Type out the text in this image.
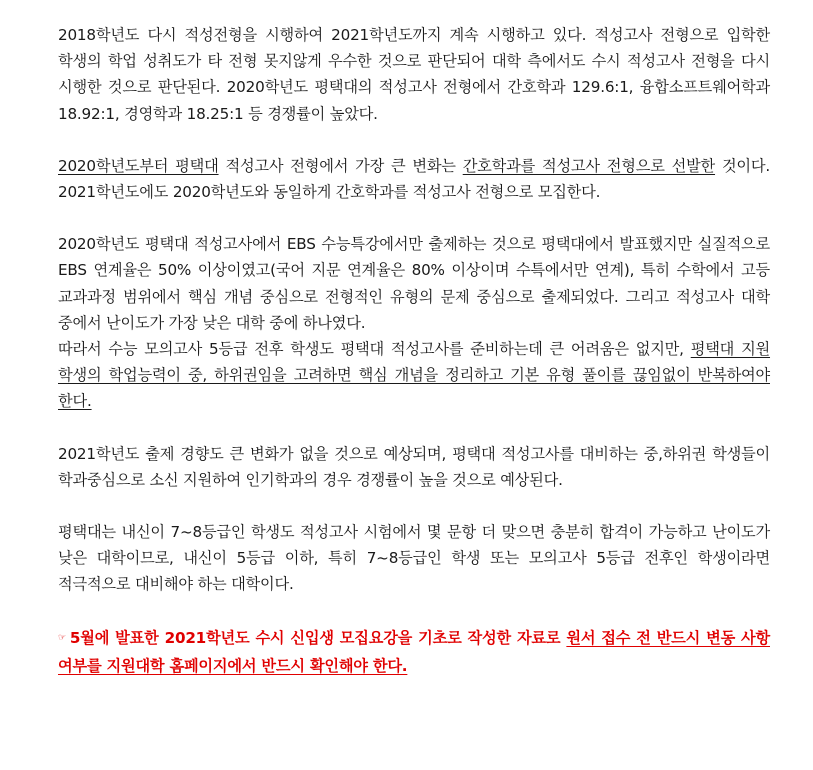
2018학년도 다시 적성전형을 시행하여 2021학년도까지 계속 시행하고 있다. 적성고사 전형으로 입학한 학생의 학업 성취도가 타 전형 못지않게 우수한 것으로 판단되어 대학 측에서도 수시 적성고사 전형을 다시 시행한 것으로 판단된다. 2020학년도 평택대의 적성고사 전형에서 간호학과 129.6:1, 융합소프트웨어학과 18.92:1, 경영학과 18.25:1 등 경쟁률이 높았다.

2020학년도부터 평택대 적성고사 전형에서 가장 큰 변화는 간호학과를 적성고사 전형으로 선발한 것이다. 2021학년도에도 2020학년도와 동일하게 간호학과를 적성고사 전형으로 모집한다.

2020학년도 평택대 적성고사에서 EBS 수능특강에서만 출제하는 것으로 평택대에서 발표했지만 실질적으로 EBS 연계율은 50% 이상이였고(국어 지문 연계율은 80% 이상이며 수특에서만 연계), 특히 수학에서 고등 교과과정 범위에서 핵심 개념 중심으로 전형적인 유형의 문제 중심으로 출제되었다. 그리고 적성고사 대학 중에서 난이도가 가장 낮은 대학 중에 하나였다.

따라서 수능 모의고사 5등급 전후 학생도 평택대 적성고사를 준비하는데 큰 어려움은 없지만, 평택대 지원 학생의 학업능력이 중, 하위권임을 고려하면 핵심 개념을 정리하고 기본 유형 풀이를 끊임없이 반복하여야 한다.

2021학년도 출제 경향도 큰 변화가 없을 것으로 예상되며, 평택대 적성고사를 대비하는 중,하위권 학생들이 학과중심으로 소신 지원하여 인기학과의 경우 경쟁률이 높을 것으로 예상된다.

평택대는 내신이 7~8등급인 학생도 적성고사 시험에서 몇 문항 더 맞으면 충분히 합격이 가능하고 난이도가 낮은 대학이므로, 내신이 5등급 이하, 특히 7~8등급인 학생 또는 모의고사 5등급 전후인 학생이라면 적극적으로 대비해야 하는 대학이다.

☞ 5월에 발표한 2021학년도 수시 신입생 모집요강을 기초로 작성한 자료로 원서 접수 전 반드시 변동 사항 여부를 지원대학 홈페이지에서 반드시 확인해야 한다.
